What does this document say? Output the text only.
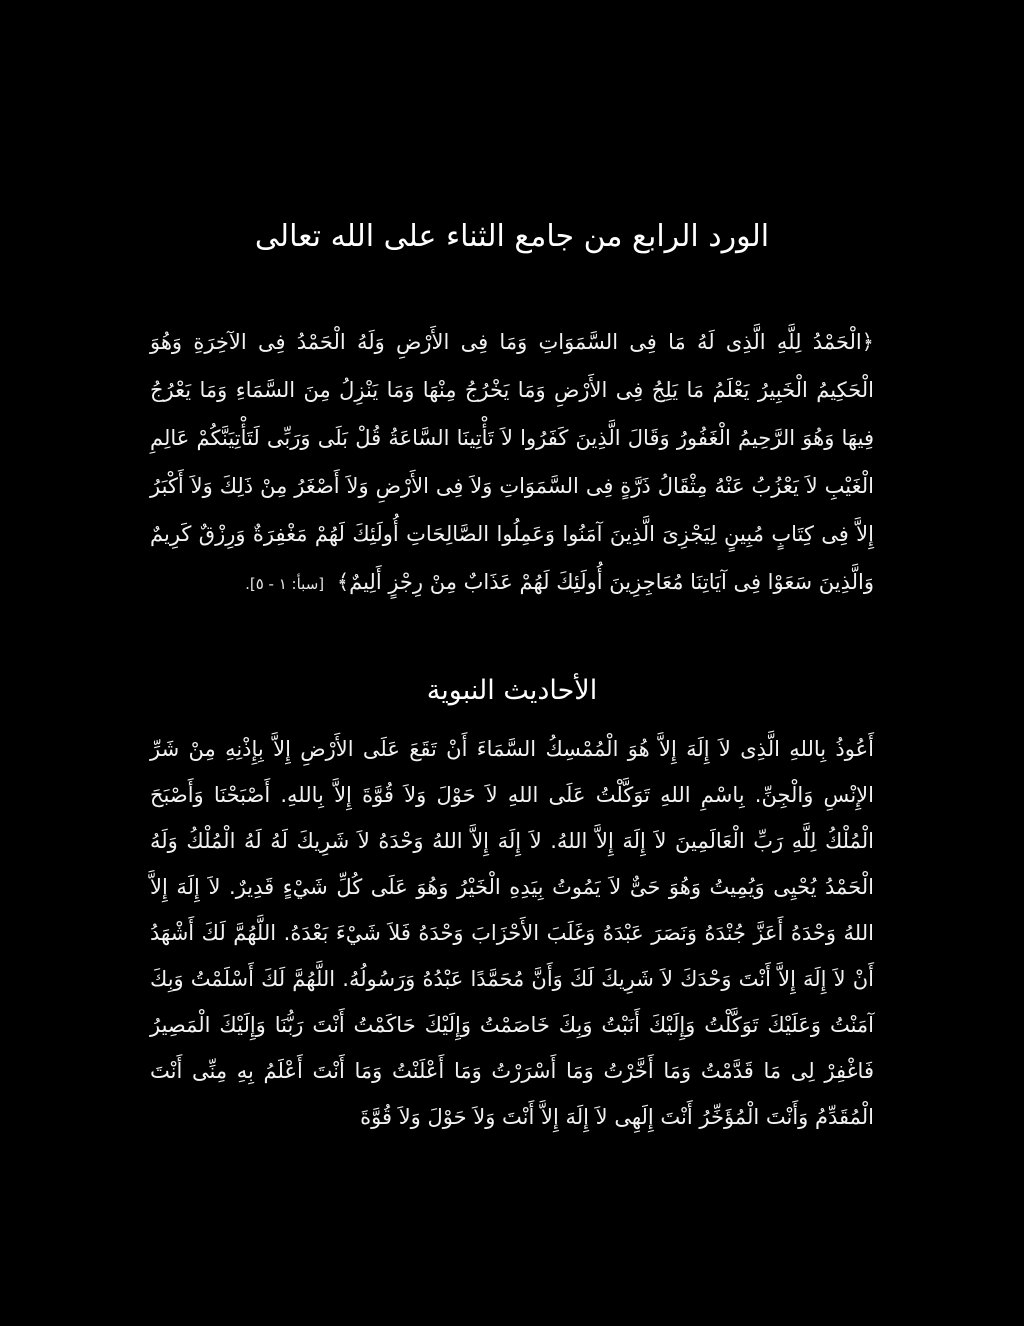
الورد الرابع من جامع الثناء على الله تعالى

﴿الْحَمْدُ لِلَّهِ الَّذِى لَهُ مَا فِى السَّمَوَاتِ وَمَا فِى الأَرْضِ وَلَهُ الْحَمْدُ فِى الآخِرَةِ وَهُوَ الْحَكِيمُ الْخَبِيرُ يَعْلَمُ مَا يَلِجُ فِى الأَرْضِ وَمَا يَخْرُجُ مِنْهَا وَمَا يَنْزِلُ مِنَ السَّمَاءِ وَمَا يَعْرُجُ فِيهَا وَهُوَ الرَّحِيمُ الْغَفُورُ وَقَالَ الَّذِينَ كَفَرُوا لاَ تَأْتِينَا السَّاعَةُ قُلْ بَلَى وَرَبِّى لَتَأْتِيَنَّكُمْ عَالِمِ الْغَيْبِ لاَ يَعْزُبُ عَنْهُ مِثْقَالُ ذَرَّةٍ فِى السَّمَوَاتِ وَلاَ فِى الأَرْضِ وَلاَ أَصْغَرُ مِنْ ذَلِكَ وَلاَ أَكْبَرُ إِلاَّ فِى كِتَابٍ مُبِينٍ لِيَجْزِىَ الَّذِينَ آمَنُوا وَعَمِلُوا الصَّالِحَاتِ أُولَئِكَ لَهُمْ مَغْفِرَةٌ وَرِزْقٌ كَرِيمٌ وَالَّذِينَ سَعَوْا فِى آيَاتِنَا مُعَاجِزِينَ أُولَئِكَ لَهُمْ عَذَابٌ مِنْ رِجْزٍ أَلِيمٌ﴾ [سبأ: ١ - ٥].

الأحاديث النبوية

أَعُوذُ بِاللهِ الَّذِى لاَ إِلَهَ إِلاَّ هُوَ الْمُمْسِكُ السَّمَاءَ أَنْ تَقَعَ عَلَى الأَرْضِ إِلاَّ بِإِذْنِهِ مِنْ شَرِّ الإِنْسِ وَالْجِنِّ. بِاسْمِ اللهِ تَوَكَّلْتُ عَلَى اللهِ لاَ حَوْلَ وَلاَ قُوَّةَ إِلاَّ بِاللهِ. أَصْبَحْنَا وَأَصْبَحَ الْمُلْكُ لِلَّهِ رَبِّ الْعَالَمِينَ لاَ إِلَهَ إِلاَّ اللهُ. لاَ إِلَهَ إِلاَّ اللهُ وَحْدَهُ لاَ شَرِيكَ لَهُ لَهُ الْمُلْكُ وَلَهُ الْحَمْدُ يُحْيِى وَيُمِيتُ وَهُوَ حَىٌّ لاَ يَمُوتُ بِيَدِهِ الْخَيْرُ وَهُوَ عَلَى كُلِّ شَيْءٍ قَدِيرٌ. لاَ إِلَهَ إِلاَّ اللهُ وَحْدَهُ أَعَزَّ جُنْدَهُ وَنَصَرَ عَبْدَهُ وَغَلَبَ الأَحْزَابَ وَحْدَهُ فَلاَ شَيْءَ بَعْدَهُ. اللَّهُمَّ لَكَ أَشْهَدُ أَنْ لاَ إِلَهَ إِلاَّ أَنْتَ وَحْدَكَ لاَ شَرِيكَ لَكَ وَأَنَّ مُحَمَّدًا عَبْدُهُ وَرَسُولُهُ. اللَّهُمَّ لَكَ أَسْلَمْتُ وَبِكَ آمَنْتُ وَعَلَيْكَ تَوَكَّلْتُ وَإِلَيْكَ أَنَبْتُ وَبِكَ خَاصَمْتُ وَإِلَيْكَ حَاكَمْتُ أَنْتَ رَبُّنَا وَإِلَيْكَ الْمَصِيرُ فَاغْفِرْ لِى مَا قَدَّمْتُ وَمَا أَخَّرْتُ وَمَا أَسْرَرْتُ وَمَا أَعْلَنْتُ وَمَا أَنْتَ أَعْلَمُ بِهِ مِنِّى أَنْتَ الْمُقَدِّمُ وَأَنْتَ الْمُؤَخِّرُ أَنْتَ إِلَهِى لاَ إِلَهَ إِلاَّ أَنْتَ وَلاَ حَوْلَ وَلاَ قُوَّةَ
